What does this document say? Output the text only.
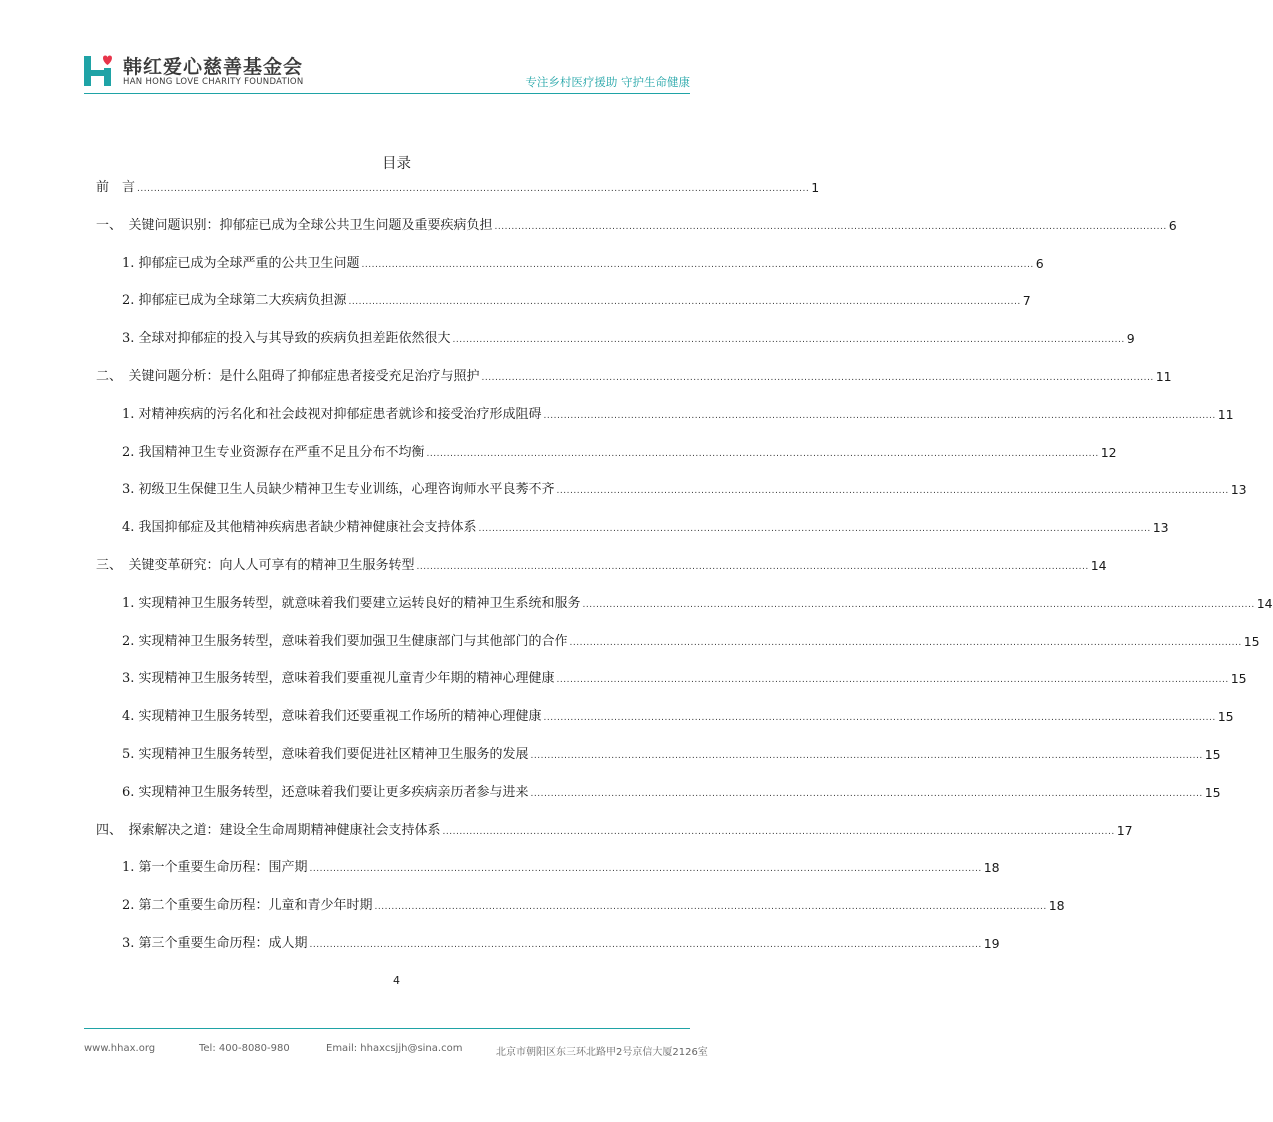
韩红爱心慈善基金会
HAN HONG LOVE CHARITY FOUNDATION	专注乡村医疗援助 守护生命健康
目录
前　言 ........................................................................................................................................................................................................ 1
一、　关键问题识别：抑郁症已成为全球公共卫生问题及重要疾病负担 ........................................................................................................................................................................................................ 6
1. 抑郁症已成为全球严重的公共卫生问题 ........................................................................................................................................................................................................ 6
2. 抑郁症已成为全球第二大疾病负担源 ........................................................................................................................................................................................................ 7
3. 全球对抑郁症的投入与其导致的疾病负担差距依然很大 ........................................................................................................................................................................................................ 9
二、　关键问题分析：是什么阻碍了抑郁症患者接受充足治疗与照护 ........................................................................................................................................................................................................ 11
1. 对精神疾病的污名化和社会歧视对抑郁症患者就诊和接受治疗形成阻碍 ........................................................................................................................................................................................................ 11
2. 我国精神卫生专业资源存在严重不足且分布不均衡 ........................................................................................................................................................................................................ 12
3. 初级卫生保健卫生人员缺少精神卫生专业训练，心理咨询师水平良莠不齐 ........................................................................................................................................................................................................ 13
4. 我国抑郁症及其他精神疾病患者缺少精神健康社会支持体系 ........................................................................................................................................................................................................ 13
三、　关键变革研究：向人人可享有的精神卫生服务转型 ........................................................................................................................................................................................................ 14
1. 实现精神卫生服务转型，就意味着我们要建立运转良好的精神卫生系统和服务 ........................................................................................................................................................................................................ 14
2. 实现精神卫生服务转型，意味着我们要加强卫生健康部门与其他部门的合作 ........................................................................................................................................................................................................ 15
3. 实现精神卫生服务转型，意味着我们要重视儿童青少年期的精神心理健康 ........................................................................................................................................................................................................ 15
4. 实现精神卫生服务转型，意味着我们还要重视工作场所的精神心理健康 ........................................................................................................................................................................................................ 15
5. 实现精神卫生服务转型，意味着我们要促进社区精神卫生服务的发展 ........................................................................................................................................................................................................ 15
6. 实现精神卫生服务转型，还意味着我们要让更多疾病亲历者参与进来 ........................................................................................................................................................................................................ 15
四、　探索解决之道：建设全生命周期精神健康社会支持体系 ........................................................................................................................................................................................................ 17
1. 第一个重要生命历程：围产期 ........................................................................................................................................................................................................ 18
2. 第二个重要生命历程：儿童和青少年时期 ........................................................................................................................................................................................................ 18
3. 第三个重要生命历程：成人期 ........................................................................................................................................................................................................ 19
4
www.hhax.org	Tel: 400-8080-980	Email: hhaxcsjjh@sina.com	北京市朝阳区东三环北路甲2号京信大厦2126室
